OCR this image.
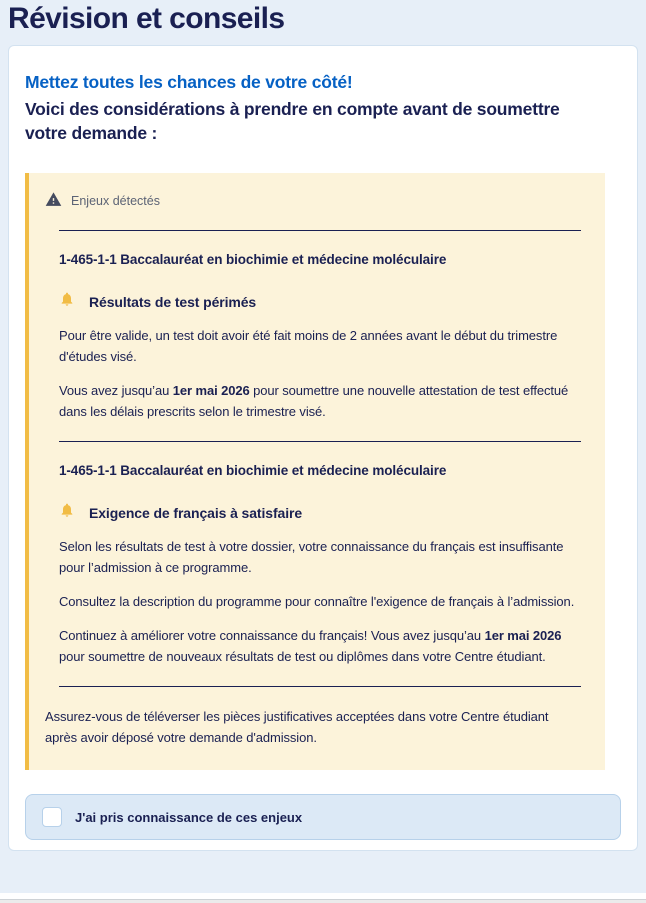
Révision et conseils
Mettez toutes les chances de votre côté!
Voici des considérations à prendre en compte avant de soumettre votre demande :
Enjeux détectés
1-465-1-1 Baccalauréat en biochimie et médecine moléculaire
Résultats de test périmés

Pour être valide, un test doit avoir été fait moins de 2 années avant le début du trimestre d'études visé.

Vous avez jusqu’au 1er mai 2026 pour soumettre une nouvelle attestation de test effectué dans les délais prescrits selon le trimestre visé.

1-465-1-1 Baccalauréat en biochimie et médecine moléculaire
Exigence de français à satisfaire

Selon les résultats de test à votre dossier, votre connaissance du français est insuffisante pour l’admission à ce programme.

Consultez la description du programme pour connaître l'exigence de français à l’admission.

Continuez à améliorer votre connaissance du français! Vous avez jusqu’au 1er mai 2026 pour soumettre de nouveaux résultats de test ou diplômes dans votre Centre étudiant.

Assurez-vous de téléverser les pièces justificatives acceptées dans votre Centre étudiant après avoir déposé votre demande d'admission.
J'ai pris connaissance de ces enjeux
